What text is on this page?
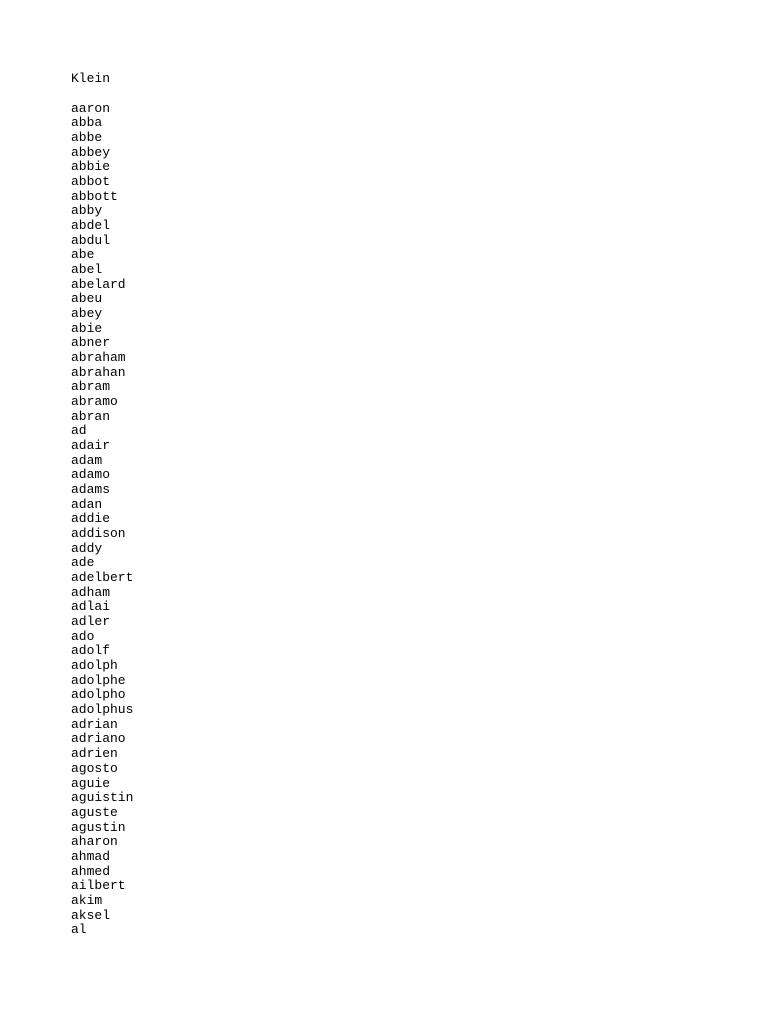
Klein
aaron
abba
abbe
abbey
abbie
abbot
abbott
abby
abdel
abdul
abe
abel
abelard
abeu
abey
abie
abner
abraham
abrahan
abram
abramo
abran
ad
adair
adam
adamo
adams
adan
addie
addison
addy
ade
adelbert
adham
adlai
adler
ado
adolf
adolph
adolphe
adolpho
adolphus
adrian
adriano
adrien
agosto
aguie
aguistin
aguste
agustin
aharon
ahmad
ahmed
ailbert
akim
aksel
al
